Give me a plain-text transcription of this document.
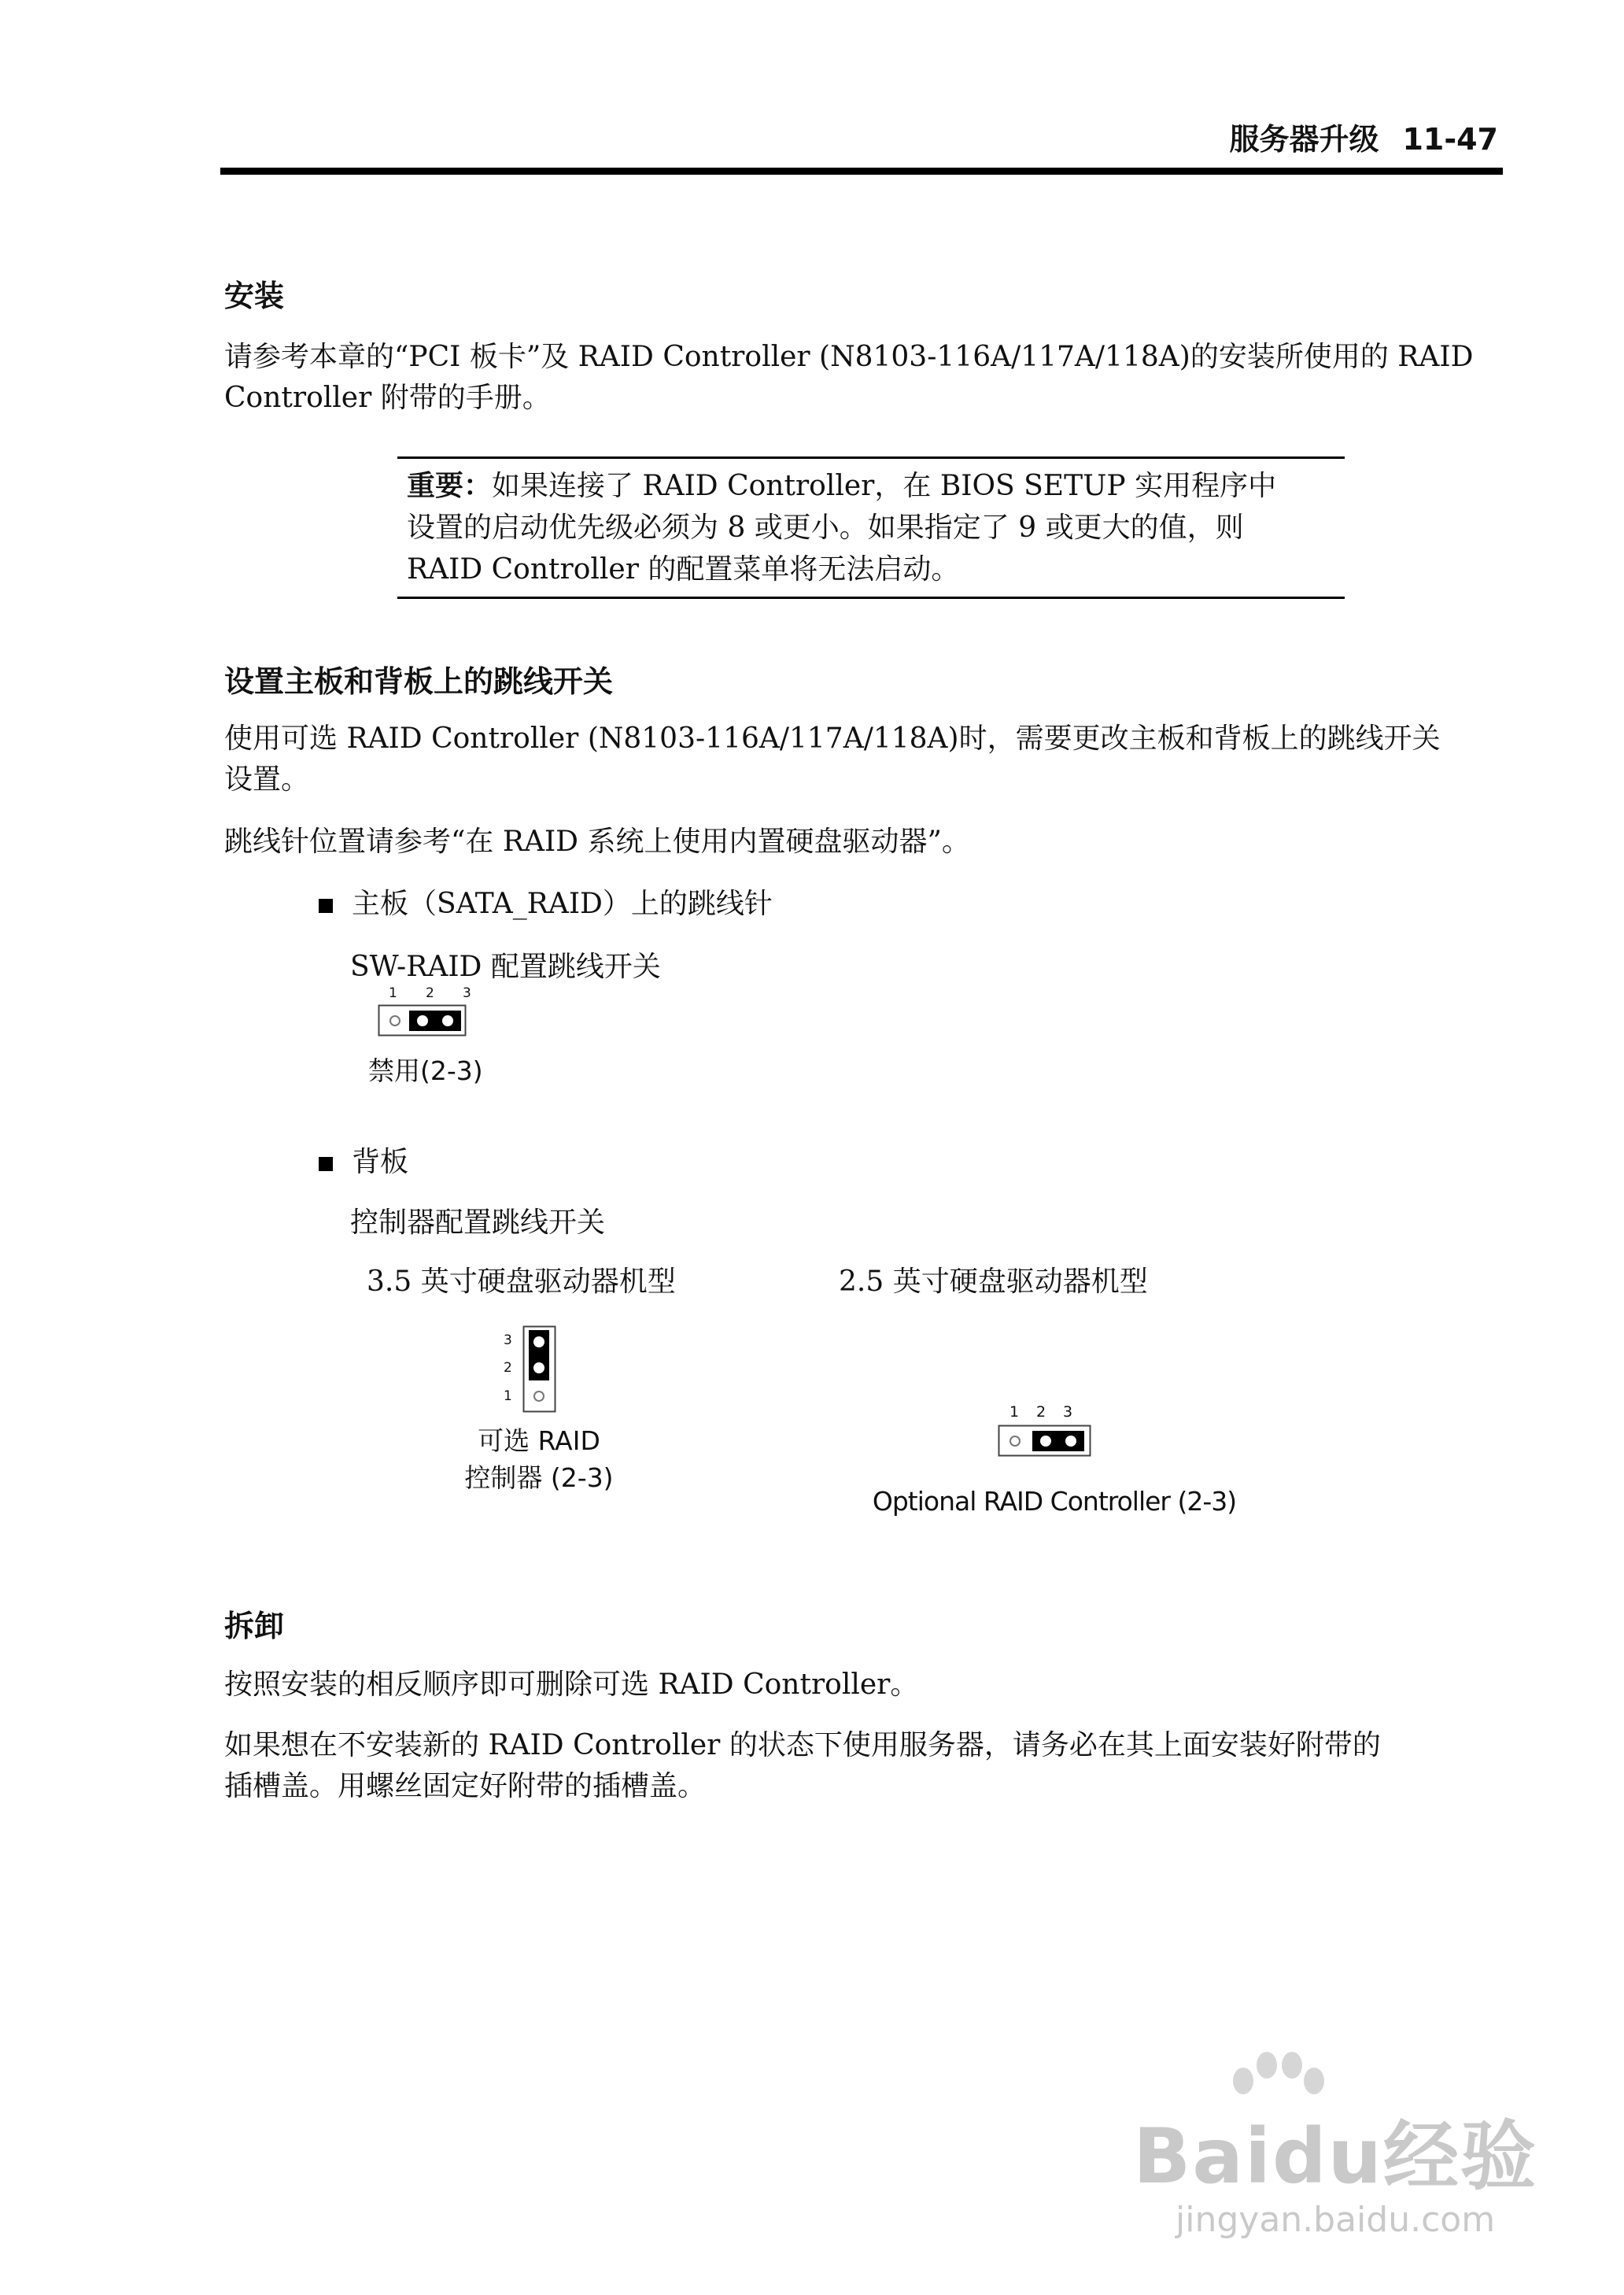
服务器升级 11-47
安装
请参考本章的“PCI 板卡”及 RAID Controller (N8103-116A/117A/118A)的安装所使用的 RAID
Controller 附带的手册。
重要：如果连接了 RAID Controller，在 BIOS SETUP 实用程序中
设置的启动优先级必须为 8 或更小。如果指定了 9 或更大的值，则
RAID Controller 的配置菜单将无法启动。
设置主板和背板上的跳线开关
使用可选 RAID Controller (N8103-116A/117A/118A)时，需要更改主板和背板上的跳线开关
设置。
跳线针位置请参考“在 RAID 系统上使用内置硬盘驱动器”。
主板（SATA_RAID）上的跳线针
SW-RAID 配置跳线开关
1 2 3
禁用(2-3)
背板
控制器配置跳线开关
3.5 英寸硬盘驱动器机型	2.5 英寸硬盘驱动器机型
3
2
1
可选 RAID
控制器 (2-3)
1 2 3
Optional RAID Controller (2-3)
拆卸
按照安装的相反顺序即可删除可选 RAID Controller。
如果想在不安装新的 RAID Controller 的状态下使用服务器，请务必在其上面安装好附带的
插槽盖。用螺丝固定好附带的插槽盖。
Baidu经验
jingyan.baidu.com
